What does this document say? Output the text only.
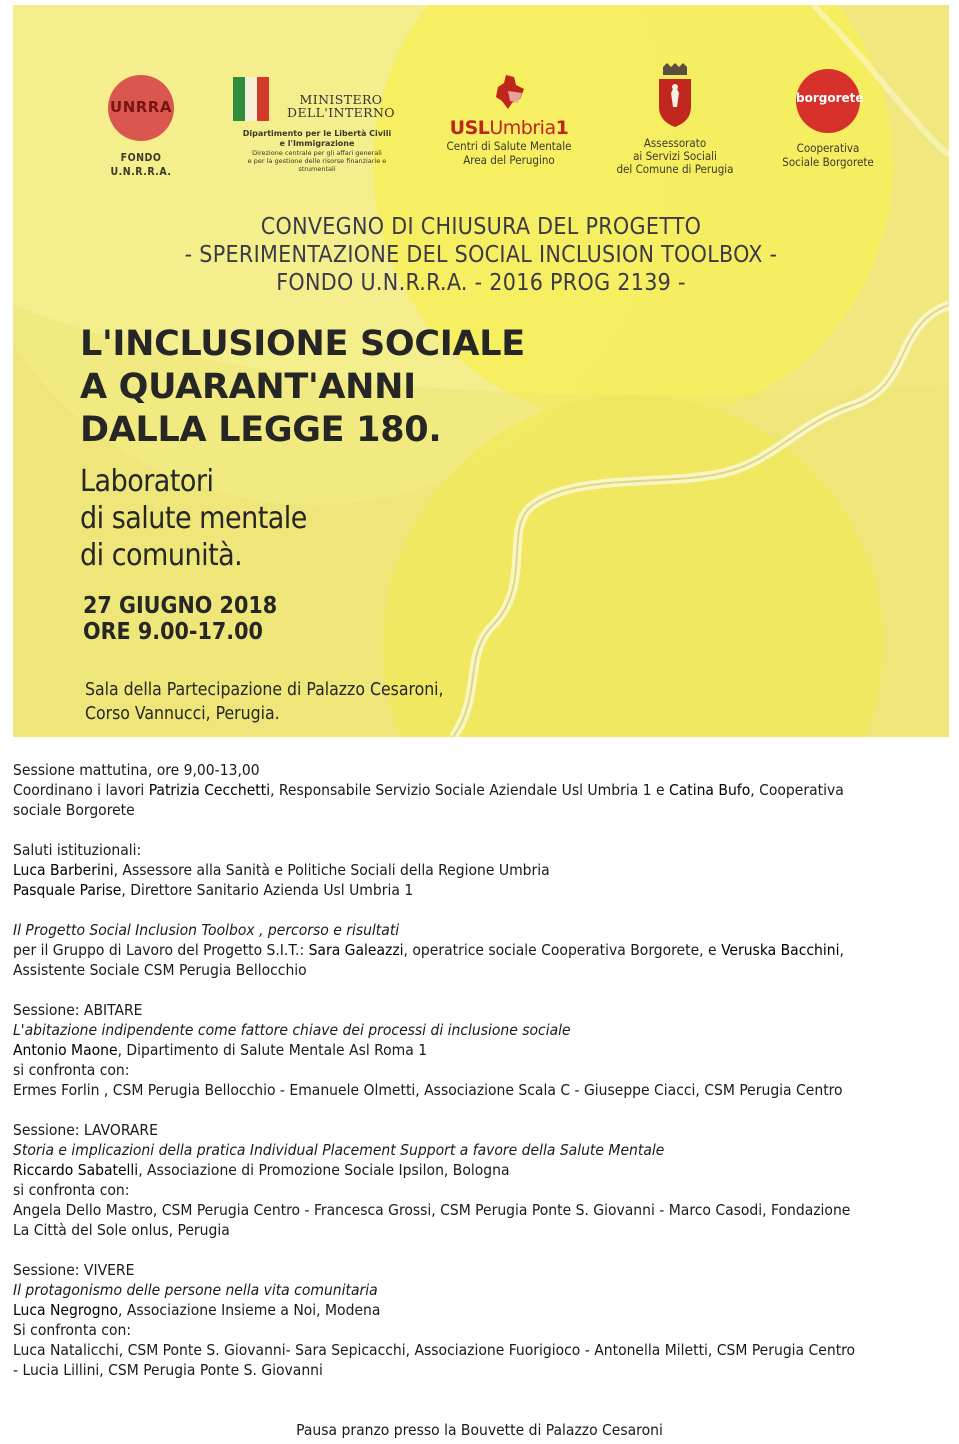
UNRRA
FONDO U.N.R.R.A.
MINISTERO
DELL'INTERNO
Dipartimento per le Libertà Civili
e l'Immigrazione
Direzione centrale per gli affari generali
e per la gestione delle risorse finanziarie e strumentali
USLUmbria1
Centri di Salute Mentale
Area del Perugino
Assessorato
ai Servizi Sociali
del Comune di Perugia
borgorete
Cooperativa
Sociale Borgorete
CONVEGNO DI CHIUSURA DEL PROGETTO
- SPERIMENTAZIONE DEL SOCIAL INCLUSION TOOLBOX -
FONDO U.N.R.R.A. - 2016 PROG 2139 -
L'INCLUSIONE SOCIALE
A QUARANT'ANNI
DALLA LEGGE 180.
Laboratori
di salute mentale
di comunità.
27 GIUGNO 2018
ORE 9.00-17.00
Sala della Partecipazione di Palazzo Cesaroni,
Corso Vannucci, Perugia.

Sessione mattutina, ore 9,00-13,00

Coordinano i lavori Patrizia Cecchetti, Responsabile Servizio Sociale Aziendale Usl Umbria 1 e Catina Bufo, Cooperativa

sociale Borgorete

Saluti istituzionali:

Luca Barberini, Assessore alla Sanità e Politiche Sociali della Regione Umbria

Pasquale Parise, Direttore Sanitario Azienda Usl Umbria 1

Il Progetto Social Inclusion Toolbox , percorso e risultati

per il Gruppo di Lavoro del Progetto S.I.T.: Sara Galeazzi, operatrice sociale Cooperativa Borgorete, e Veruska Bacchini,

Assistente Sociale CSM Perugia Bellocchio

Sessione: ABITARE

L'abitazione indipendente come fattore chiave dei processi di inclusione sociale

Antonio Maone, Dipartimento di Salute Mentale Asl Roma 1

si confronta con:

Ermes Forlin , CSM Perugia Bellocchio - Emanuele Olmetti, Associazione Scala C - Giuseppe Ciacci, CSM Perugia Centro

Sessione: LAVORARE

Storia e implicazioni della pratica Individual Placement Support a favore della Salute Mentale

Riccardo Sabatelli, Associazione di Promozione Sociale Ipsilon, Bologna

si confronta con:

Angela Dello Mastro, CSM Perugia Centro - Francesca Grossi, CSM Perugia Ponte S. Giovanni - Marco Casodi, Fondazione

La Città del Sole onlus, Perugia

Sessione: VIVERE

Il protagonismo delle persone nella vita comunitaria

Luca Negrogno, Associazione Insieme a Noi, Modena

Si confronta con:

Luca Natalicchi, CSM Ponte S. Giovanni- Sara Sepicacchi, Associazione Fuorigioco - Antonella Miletti, CSM Perugia Centro

- Lucia Lillini, CSM Perugia Ponte S. Giovanni

Pausa pranzo presso la Bouvette di Palazzo Cesaroni
